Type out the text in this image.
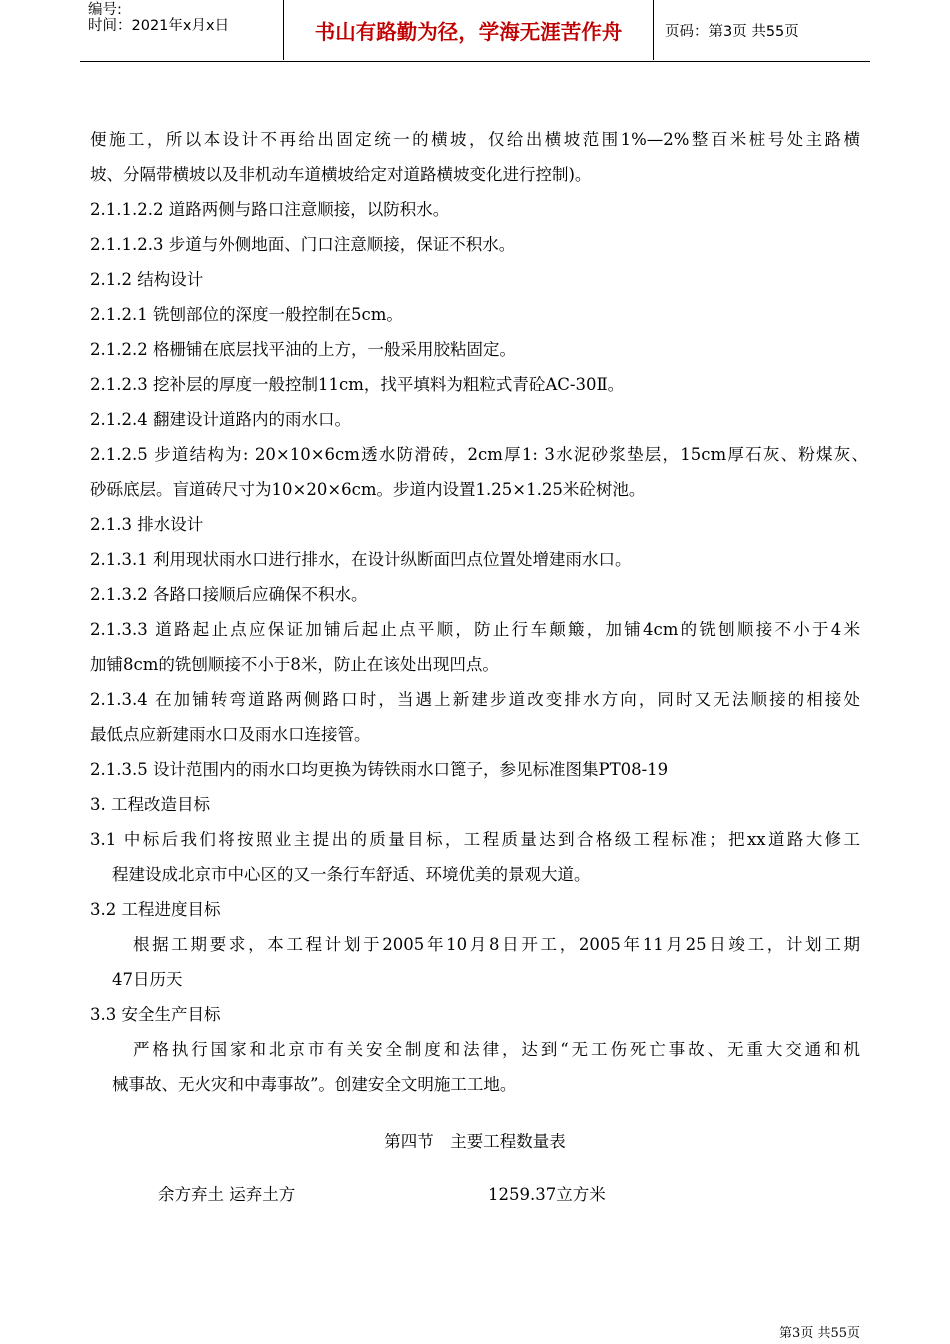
编号:
时间：2021年x月x日	书山有路勤为径，学海无涯苦作舟	页码：第3页 共55页
便施工，所以本设计不再给出固定统一的横坡，仅给出横坡范围1%—2%整百米桩号处主路横
坡、分隔带横坡以及非机动车道横坡给定对道路横坡变化进行控制)。
2.1.1.2.2 道路两侧与路口注意顺接，以防积水。
2.1.1.2.3 步道与外侧地面、门口注意顺接，保证不积水。
2.1.2 结构设计
2.1.2.1 铣刨部位的深度一般控制在5cm。
2.1.2.2 格栅铺在底层找平油的上方，一般采用胶粘固定。
2.1.2.3 挖补层的厚度一般控制11cm，找平填料为粗粒式青砼AC-30Ⅱ。
2.1.2.4 翻建设计道路内的雨水口。
2.1.2.5 步道结构为: 20×10×6cm透水防滑砖，2cm厚1: 3水泥砂浆垫层，15cm厚石灰、粉煤灰、
砂砾底层。盲道砖尺寸为10×20×6cm。步道内设置1.25×1.25米砼树池。
2.1.3 排水设计
2.1.3.1 利用现状雨水口进行排水，在设计纵断面凹点位置处增建雨水口。
2.1.3.2 各路口接顺后应确保不积水。
2.1.3.3 道路起止点应保证加铺后起止点平顺，防止行车颠簸，加铺4cm的铣刨顺接不小于4米
加铺8cm的铣刨顺接不小于8米，防止在该处出现凹点。
2.1.3.4 在加铺转弯道路两侧路口时，当遇上新建步道改变排水方向，同时又无法顺接的相接处
最低点应新建雨水口及雨水口连接管。
2.1.3.5 设计范围内的雨水口均更换为铸铁雨水口篦子，参见标准图集PT08-19
3. 工程改造目标
3.1 中标后我们将按照业主提出的质量目标，工程质量达到合格级工程标准；把xx道路大修工
程建设成北京市中心区的又一条行车舒适、环境优美的景观大道。
3.2 工程进度目标
根据工期要求，本工程计划于2005年10月8日开工，2005年11月25日竣工，计划工期
47日历天
3.3 安全生产目标
严格执行国家和北京市有关安全制度和法律，达到“无工伤死亡事故、无重大交通和机
械事故、无火灾和中毒事故”。创建安全文明施工工地。
第四节　主要工程数量表
余方弃土 运弃土方	1259.37立方米
第3页 共55页
